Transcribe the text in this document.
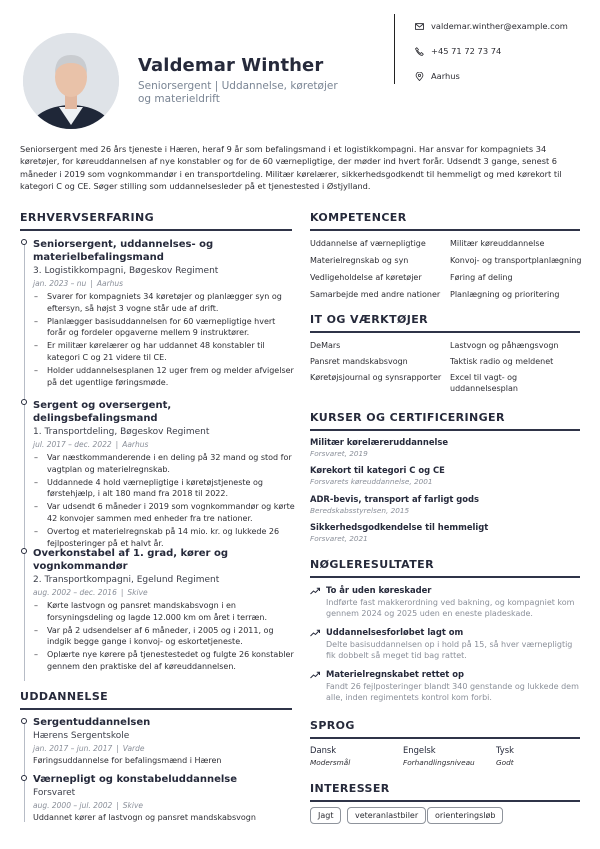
Valdemar Winther
Seniorsergent | Uddannelse, køretøjer og materieldrift
valdemar.winther@example.com
+45 71 72 73 74
Aarhus
Seniorsergent med 26 års tjeneste i Hæren, heraf 9 år som befalingsmand i et logistikkompagni. Har ansvar for kompagniets 34 køretøjer, for køreuddannelsen af nye konstabler og for de 60 værnepligtige, der møder ind hvert forår. Udsendt 3 gange, senest 6 måneder i 2019 som vognkommandør i en transportdeling. Militær kørelærer, sikkerhedsgodkendt til hemmeligt og med kørekort til kategori C og CE. Søger stilling som uddannelsesleder på et tjenestested i Østjylland.
ERHVERVSERFARING
Seniorsergent, uddannelses- og materielbefalingsmand
3. Logistikkompagni, Bøgeskov Regiment
jan. 2023 – nu | Aarhus
– Svarer for kompagniets 34 køretøjer og planlægger syn og eftersyn, så højst 3 vogne står ude af drift.
– Planlægger basisuddannelsen for 60 værnepligtige hvert forår og fordeler opgaverne mellem 9 instruktører.
– Er militær kørelærer og har uddannet 48 konstabler til kategori C og 21 videre til CE.
– Holder uddannelsesplanen 12 uger frem og melder afvigelser på det ugentlige føringsmøde.
Sergent og oversergent, delingsbefalingsmand
1. Transportdeling, Bøgeskov Regiment
jul. 2017 – dec. 2022 | Aarhus
– Var næstkommanderende i en deling på 32 mand og stod for vagtplan og materielregnskab.
– Uddannede 4 hold værnepligtige i køretøjstjeneste og førstehjælp, i alt 180 mand fra 2018 til 2022.
– Var udsendt 6 måneder i 2019 som vognkommandør og kørte 42 konvojer sammen med enheder fra tre nationer.
– Overtog et materielregnskab på 14 mio. kr. og lukkede 26 fejlposteringer på et halvt år.
Overkonstabel af 1. grad, kører og vognkommandør
2. Transportkompagni, Egelund Regiment
aug. 2002 – dec. 2016 | Skive
– Kørte lastvogn og pansret mandskabsvogn i en forsyningsdeling og lagde 12.000 km om året i terræn.
– Var på 2 udsendelser af 6 måneder, i 2005 og i 2011, og indgik begge gange i konvoj- og eskortetjeneste.
– Oplærte nye kørere på tjenestestedet og fulgte 26 konstabler gennem den praktiske del af køreuddannelsen.
UDDANNELSE
Sergentuddannelsen
Hærens Sergentskole
jan. 2017 – jun. 2017 | Varde
Føringsuddannelse for befalingsmænd i Hæren
Værnepligt og konstabeluddannelse
Forsvaret
aug. 2000 – jul. 2002 | Skive
Uddannet kører af lastvogn og pansret mandskabsvogn
KOMPETENCER
Uddannelse af værnepligtige	Militær køreuddannelse
Materielregnskab og syn	Konvoj- og transportplanlægning
Vedligeholdelse af køretøjer	Føring af deling
Samarbejde med andre nationer	Planlægning og prioritering
IT OG VÆRKTØJER
DeMars	Lastvogn og påhængsvogn
Pansret mandskabsvogn	Taktisk radio og meldenet
Køretøjsjournal og synsrapporter	Excel til vagt- og uddannelsesplan
KURSER OG CERTIFICERINGER
Militær kørelæreruddannelse
Forsvaret, 2019
Kørekort til kategori C og CE
Forsvarets køreuddannelse, 2001
ADR-bevis, transport af farligt gods
Beredskabsstyrelsen, 2015
Sikkerhedsgodkendelse til hemmeligt
Forsvaret, 2021
NØGLERESULTATER
To år uden køreskader
Indførte fast makkerordning ved bakning, og kompagniet kom gennem 2024 og 2025 uden en eneste pladeskade.
Uddannelsesforløbet lagt om
Delte basisuddannelsen op i hold på 15, så hver værnepligtig fik dobbelt så meget tid bag rattet.
Materielregnskabet rettet op
Fandt 26 fejlposteringer blandt 340 genstande og lukkede dem alle, inden regimentets kontrol kom forbi.
SPROG
Dansk
Modersmål
Engelsk
Forhandlingsniveau
Tysk
Godt
INTERESSER
Jagt	veteranlastbiler	orienteringsløb
